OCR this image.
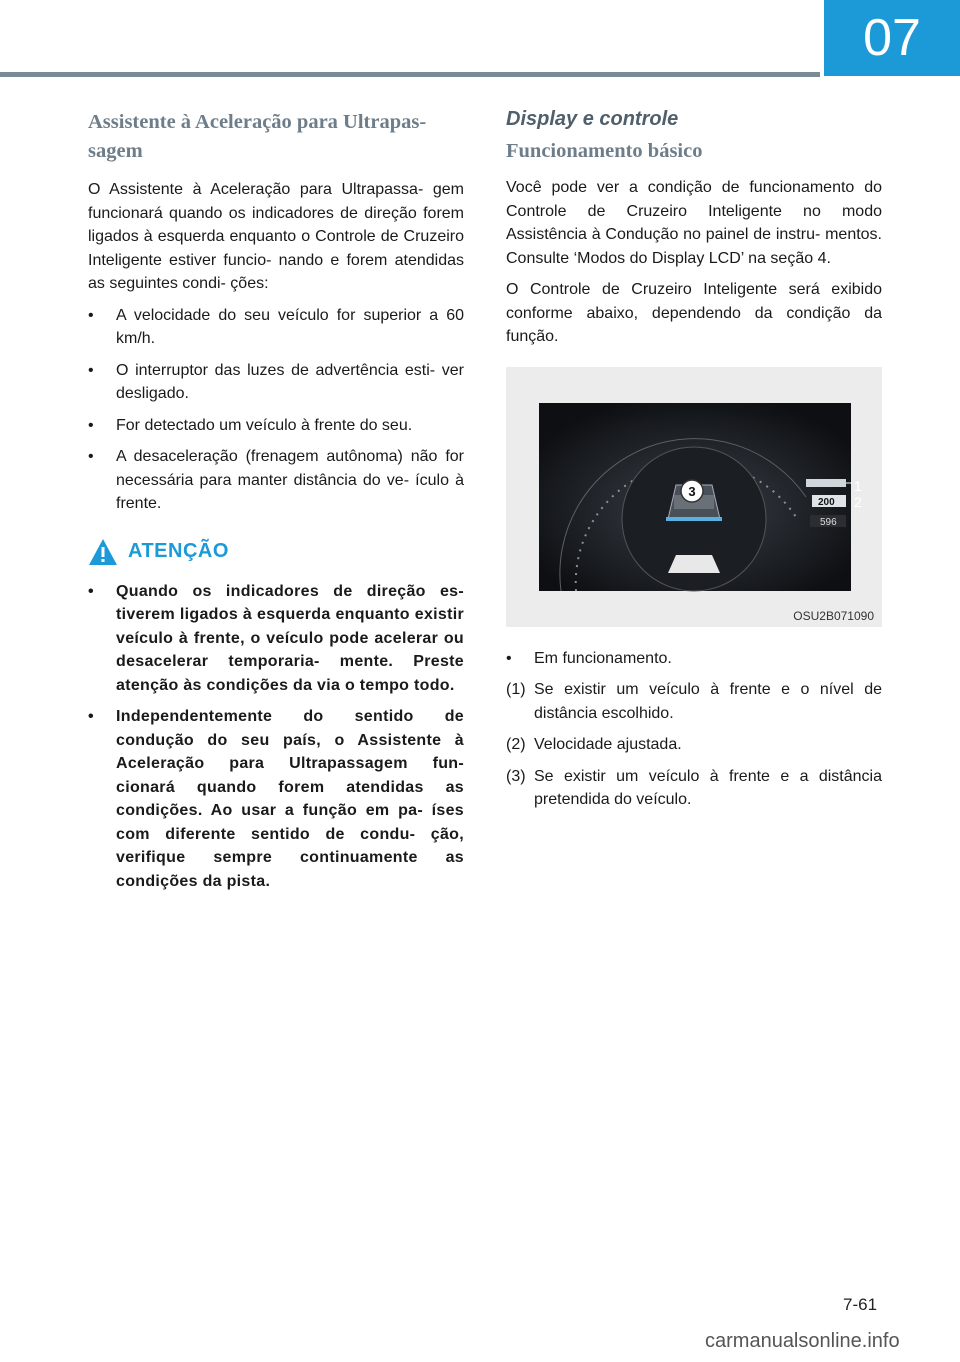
07
Assistente à Aceleração para Ultrapas- sagem

O Assistente à Aceleração para Ultrapassa- gem funcionará quando os indicadores de direção forem ligados à esquerda enquanto o Controle de Cruzeiro Inteligente estiver funcio- nando e forem atendidas as seguintes condi- ções:

•	A velocidade do seu veículo for superior a 60 km/h.
•	O interruptor das luzes de advertência esti- ver desligado.
•	For detectado um veículo à frente do seu.
•	A desaceleração (frenagem autônoma) não for necessária para manter distância do ve- ículo à frente.
ATENÇÃO
•	Quando os indicadores de direção es- tiverem ligados à esquerda enquanto existir veículo à frente, o veículo pode acelerar ou desacelerar temporaria- mente. Preste atenção às condições da via o tempo todo.
•	Independentemente do sentido de condução do seu país, o Assistente à Aceleração para Ultrapassagem fun- cionará quando forem atendidas as condições. Ao usar a função em pa- íses com diferente sentido de condu- ção, verifique sempre continuamente as condições da pista.
Display e controle
Funcionamento básico

Você pode ver a condição de funcionamento do Controle de Cruzeiro Inteligente no modo Assistência à Condução no painel de instru- mentos. Consulte ‘Modos do Display LCD’ na seção 4.

O Controle de Cruzeiro Inteligente será exibido conforme abaixo, dependendo da condição da função.

3
200
596
1
2
OSU2B071090
•	Em funcionamento.
(1) Se existir um veículo à frente e o nível de distância escolhido.
(2) Velocidade ajustada.
(3) Se existir um veículo à frente e a distância pretendida do veículo.
7-61
carmanualsonline.info
